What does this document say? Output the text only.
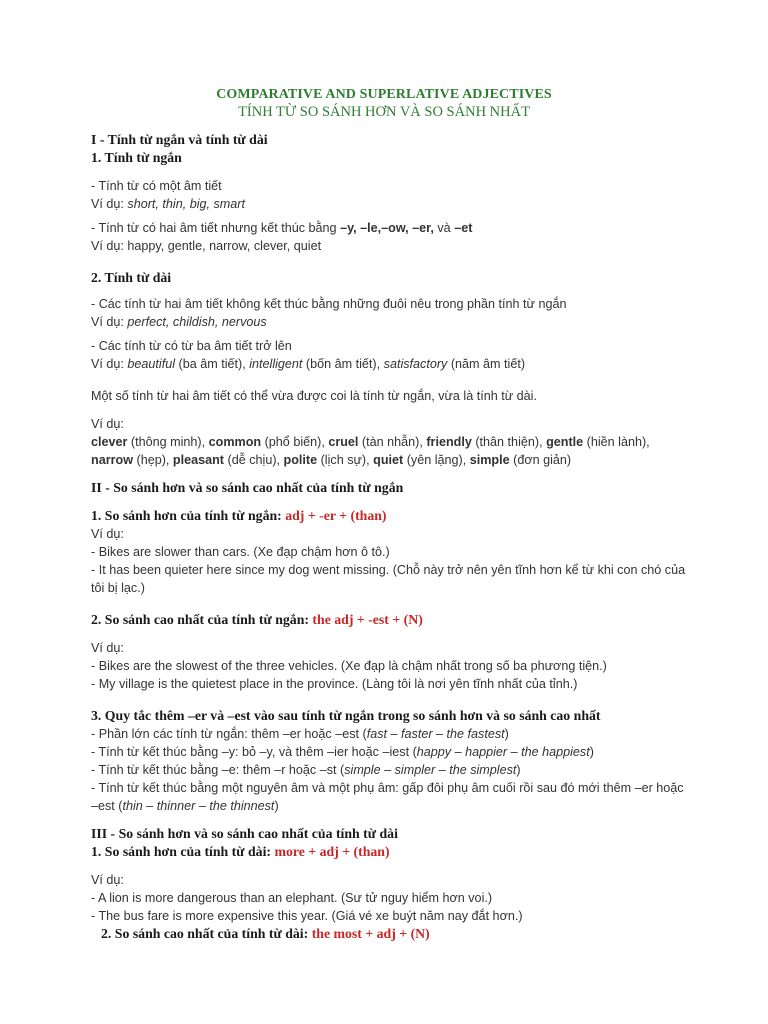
COMPARATIVE AND SUPERLATIVE ADJECTIVES
TÍNH TỪ SO SÁNH HƠN VÀ SO SÁNH NHẤT

I - Tính từ ngắn và tính từ dài

1. Tính từ ngắn

- Tính từ có một âm tiết

Ví dụ: short, thin, big, smart

- Tính từ có hai âm tiết nhưng kết thúc bằng –y, –le,–ow, –er, và –et

Ví dụ: happy, gentle, narrow, clever, quiet

2. Tính từ dài

- Các tính từ hai âm tiết không kết thúc bằng những đuôi nêu trong phần tính từ ngắn

Ví dụ: perfect, childish, nervous

- Các tính từ có từ ba âm tiết trở lên

Ví dụ: beautiful (ba âm tiết), intelligent (bốn âm tiết), satisfactory (năm âm tiết)

Một số tính từ hai âm tiết có thể vừa được coi là tính từ ngắn, vừa là tính từ dài.

Ví dụ:

clever (thông minh), common (phổ biến), cruel (tàn nhẫn), friendly (thân thiện), gentle (hiền lành), narrow (hẹp), pleasant (dễ chịu), polite (lịch sự), quiet (yên lặng), simple (đơn giản)

II - So sánh hơn và so sánh cao nhất của tính từ ngắn

1. So sánh hơn của tính từ ngắn: adj + -er + (than)

Ví dụ:

- Bikes are slower than cars. (Xe đạp chậm hơn ô tô.)

- It has been quieter here since my dog went missing. (Chỗ này trở nên yên tĩnh hơn kể từ khi con chó của tôi bị lạc.)

2. So sánh cao nhất của tính từ ngắn: the adj + -est + (N)

Ví dụ:

- Bikes are the slowest of the three vehicles. (Xe đạp là chậm nhất trong số ba phương tiện.)

- My village is the quietest place in the province. (Làng tôi là nơi yên tĩnh nhất của tỉnh.)

3. Quy tắc thêm –er và –est vào sau tính từ ngắn trong so sánh hơn và so sánh cao nhất

- Phần lớn các tính từ ngắn: thêm –er hoặc –est (fast – faster – the fastest)

- Tính từ kết thúc bằng –y: bỏ –y, và thêm –ier hoặc –iest (happy – happier – the happiest)

- Tính từ kết thúc bằng –e: thêm –r hoặc –st (simple – simpler – the simplest)

- Tính từ kết thúc bằng một nguyên âm và một phụ âm: gấp đôi phụ âm cuối rồi sau đó mới thêm –er hoặc –est (thin – thinner – the thinnest)

III - So sánh hơn và so sánh cao nhất của tính từ dài

1. So sánh hơn của tính từ dài: more + adj + (than)

Ví dụ:

- A lion is more dangerous than an elephant. (Sư tử nguy hiểm hơn voi.)

- The bus fare is more expensive this year. (Giá vé xe buýt năm nay đắt hơn.)

2. So sánh cao nhất của tính từ dài: the most + adj + (N)
